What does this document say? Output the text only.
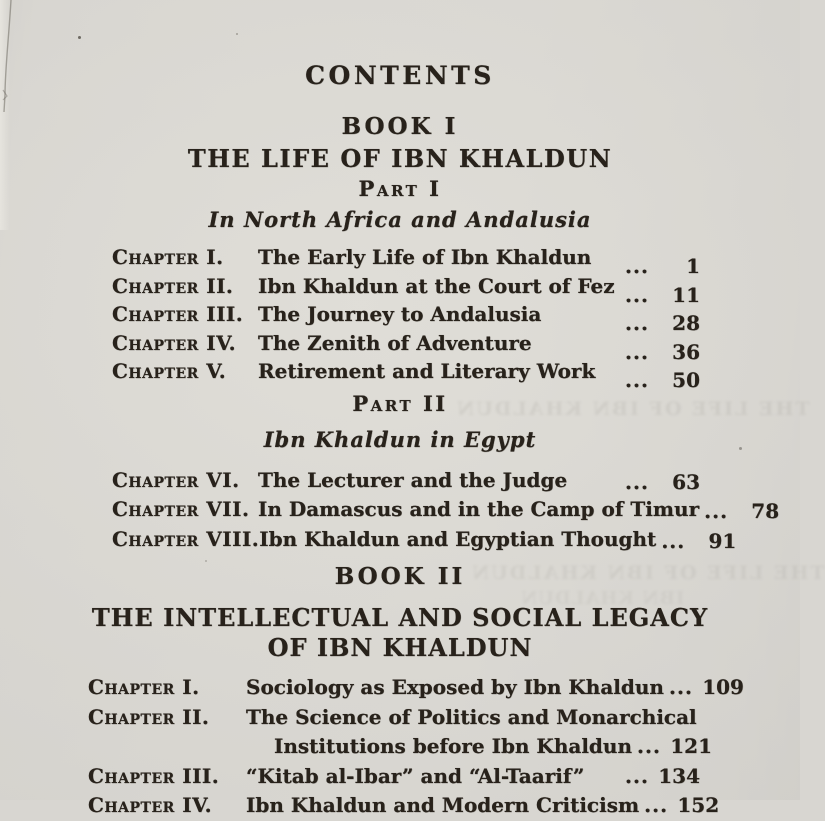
THE LIFE OF IBN KHALDUN
THE LIFE OF IBN KHALDUN
IBN KHALDUN
CONTENTS
BOOK I
THE LIFE OF IBN KHALDUN
Part I
In North Africa and Andalusia
Chapter I.	The Early Life of Ibn Khaldun	...	1
Chapter II.	Ibn Khaldun at the Court of Fez ...	11
Chapter III. The Journey to Andalusia	...	28
Chapter IV.	The Zenith of Adventure	...	36
Chapter V.	Retirement and Literary Work	...	50
Part II
Ibn Khaldun in Egypt
Chapter VI. The Lecturer and the Judge	...	63
Chapter VII. In Damascus and in the Camp of Timur ...	78
Chapter VIII. Ibn Khaldun and Egyptian Thought ...	91
BOOK II
THE INTELLECTUAL AND SOCIAL LEGACY
OF IBN KHALDUN
Chapter I.	Sociology as Exposed by Ibn Khaldun ... 109
Chapter II.	The Science of Politics and Monarchical
Institutions before Ibn Khaldun ... 121
Chapter III.	“Kitab al-Ibar” and “Al-Taarif”	... 134
Chapter IV.	Ibn Khaldun and Modern Criticism ... 152
